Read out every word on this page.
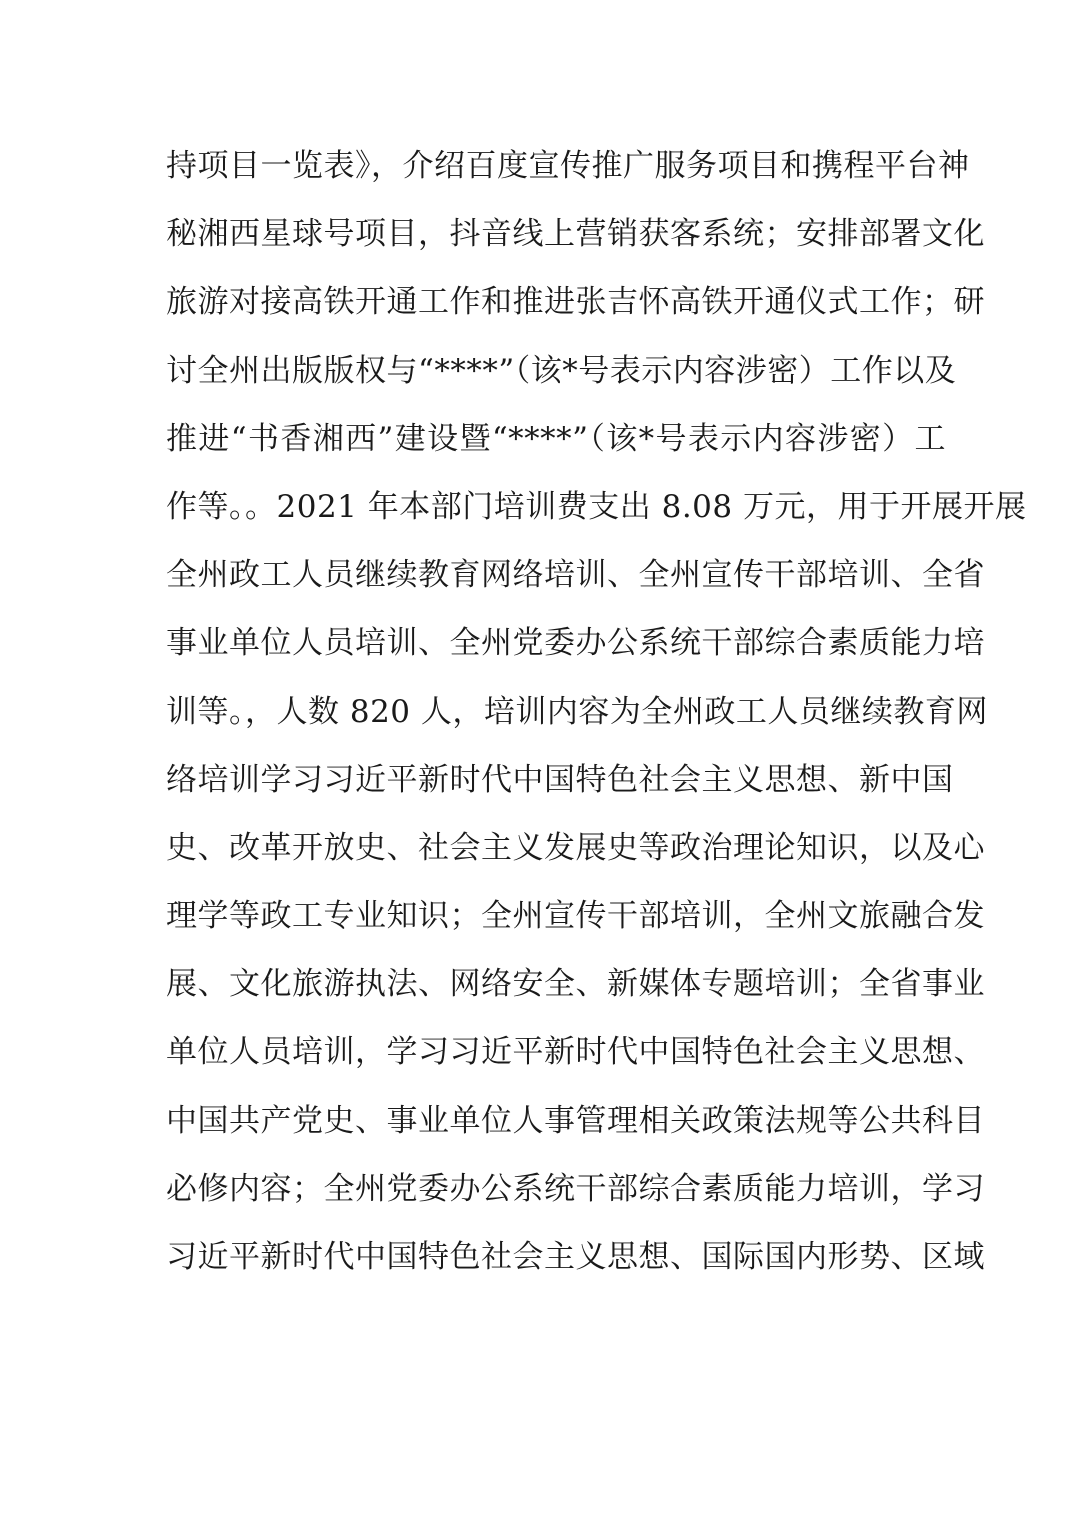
持项目一览表》，介绍百度宣传推广服务项目和携程平台神
秘湘西星球号项目，抖音线上营销获客系统；安排部署文化
旅游对接高铁开通工作和推进张吉怀高铁开通仪式工作；研
讨全州出版版权与“****”（该*号表示内容涉密）工作以及
推进“书香湘西”建设暨“****”（该*号表示内容涉密）工
作等。。2021 年本部门培训费支出 8.08 万元，用于开展开展
全州政工人员继续教育网络培训、全州宣传干部培训、全省
事业单位人员培训、全州党委办公系统干部综合素质能力培
训等。，人数 820 人，培训内容为全州政工人员继续教育网
络培训学习习近平新时代中国特色社会主义思想、新中国
史、改革开放史、社会主义发展史等政治理论知识，以及心
理学等政工专业知识；全州宣传干部培训，全州文旅融合发
展、文化旅游执法、网络安全、新媒体专题培训；全省事业
单位人员培训，学习习近平新时代中国特色社会主义思想、
中国共产党史、事业单位人事管理相关政策法规等公共科目
必修内容；全州党委办公系统干部综合素质能力培训，学习
习近平新时代中国特色社会主义思想、国际国内形势、区域
